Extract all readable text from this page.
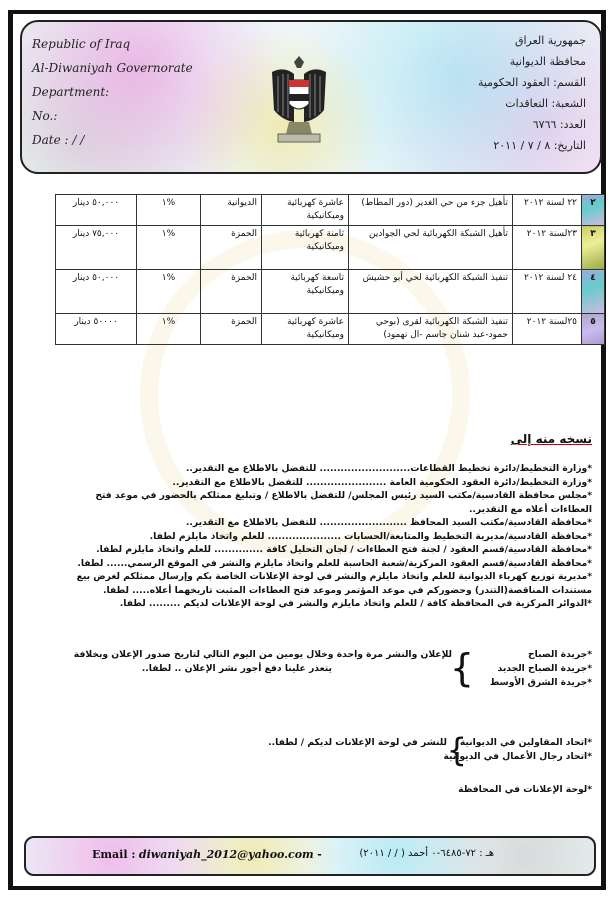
Republic of Iraq
Al-Diwaniyah Governorate
Department:
No.:
Date : / /
جمهورية العراق
محافظة الديوانية
القسم: العقود الحكومية
الشعبة: التعاقدات
العدد: ٦٧٦٦
التاريخ: ٨ / ٧ / ٢٠١١
٢	٢٢ لسنة ٢٠١٢	تأهيل جزء من حي الغدير (دور المطاط)	عاشرة كهربائية وميكانيكية	الديوانية	%١	٥٠,٠٠٠ دينار
٣	٢٣لسنة ٢٠١٢	تأهيل الشبكة الكهربائية لحي الجوادين	ثامنة كهربائية وميكانيكية	الحمزة	%١	٧٥,٠٠٠ دينار
٤	٢٤ لسنة ٢٠١٢	تنفيذ الشبكة الكهربائية لحي أبو حشيش	تاسعة كهربائية وميكانيكية	الحمزة	%١	٥٠,٠٠٠ دينار
٥	٢٥لسنة ٢٠١٢	تنفيذ الشبكة الكهربائية لقرى (بوحي حمود-عبد شنان جاسم -ال نهمود)	عاشرة كهربائية وميكانيكية	الحمزة	%١	٥٠٠٠٠ دينار
نسخه منه إلى
*وزارة التخطيط/دائرة تخطيط القطاعات.......................... للتفضل بالاطلاع مع التقدير..
*وزارة التخطيط/دائرة العقود الحكومية العامة ....................... للتفضل بالاطلاع مع التقدير..
*مجلس محافظة القادسية/مكتب السيد رئيس المجلس/ للتفضل بالاطلاع / وتبليغ ممثلكم بالحضور في موعد فتح
العطاءات أعلاه مع التقدير..
*محافظة القادسية/مكتب السيد المحافظ ......................... للتفضل بالاطلاع مع التقدير..
*محافظة القادسية/مديرية التخطيط والمتابعة/الحسابات ..................... للعلم واتخاذ مايلزم لطفا.
*محافظة القادسية/قسم العقود / لجنة فتح العطاءات / لجان التحليل كافة .............. للعلم واتخاذ مايلزم لطفا.
*محافظة القادسية/قسم العقود المركزية/شعبة الحاسبة للعلم واتخاذ مايلزم والنشر في الموقع الرسمي...... لطفا.
*مديرية توزيع كهرباء الديوانية للعلم واتخاذ مايلزم والنشر في لوحة الإعلانات الخاصة بكم وإرسال ممثلكم لغرض بيع
مستندات المناقصة(التندر) وحضوركم في موعد المؤتمر وموعد فتح العطاءات المثبت تاريخهما أعلاه..... لطفا.
*الدوائر المركزية في المحافظة كافة / للعلم واتخاذ مايلزم والنشر في لوحة الإعلانات لديكم ......... لطفا.
*جريدة الصباح
*جريدة الصباح الجديد
*جريدة الشرق الأوسط
}
للإعلان والنشر مرة واحدة وخلال يومين من اليوم التالي لتاريخ صدور الإعلان وبخلافة
يتعذر علينا دفع أجور نشر الإعلان .. لطفا..
*اتحاد المقاولين في الديوانية
*اتحاد رجال الأعمال في الديوانية
}
للنشر في لوحة الإعلانات لديكم / لطفا..
*لوحة الإعلانات في المحافظة
Email : diwaniyah_2012@yahoo.com -	هـ : ٧٢-٦٤٨٥-٠ أحمد ( / / ٢٠١١)
